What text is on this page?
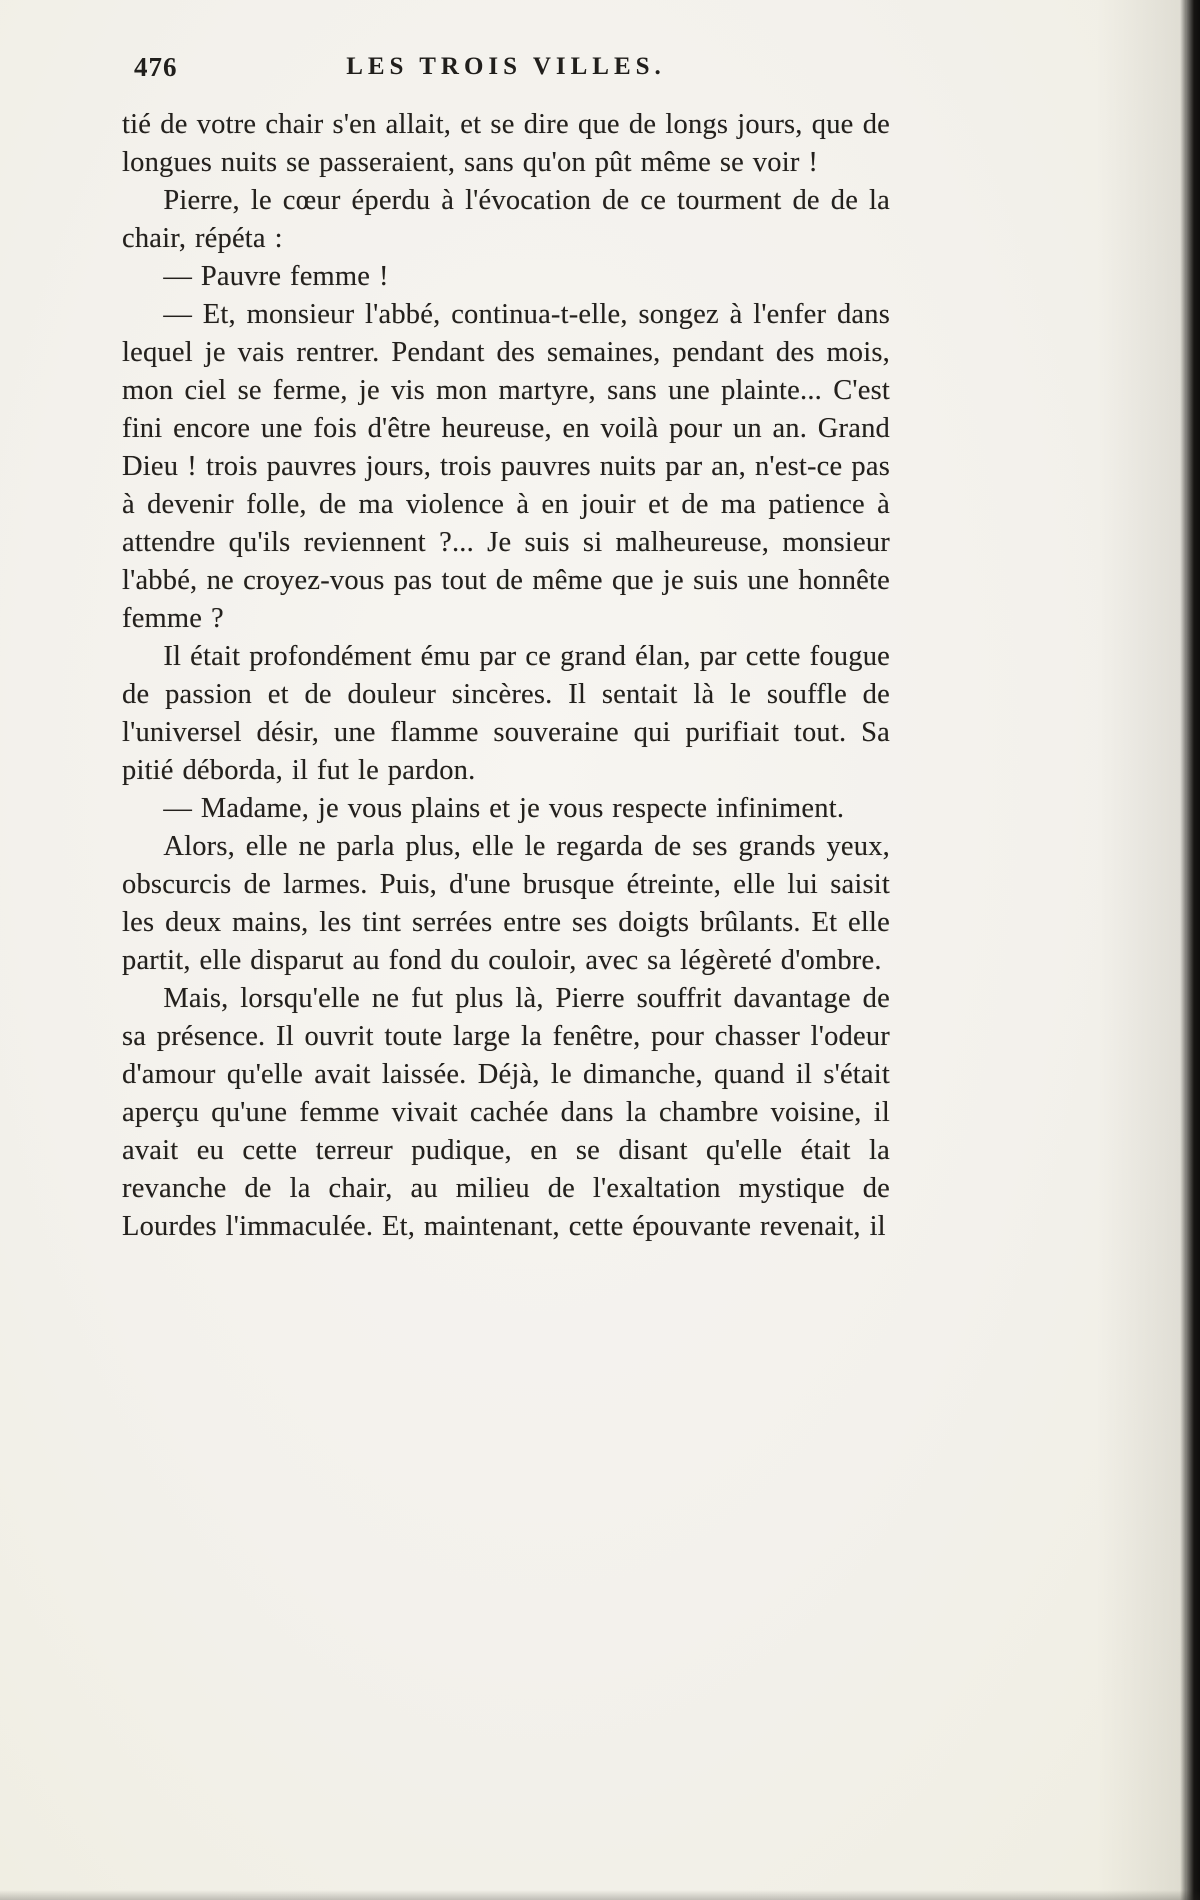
476	LES TROIS VILLES.

tié de votre chair s'en allait, et se dire que de longs jours, que de longues nuits se passeraient, sans qu'on pût même se voir !

Pierre, le cœur éperdu à l'évocation de ce tourment de de la chair, répéta :

— Pauvre femme !

— Et, monsieur l'abbé, continua-t-elle, songez à l'enfer dans lequel je vais rentrer. Pendant des semaines, pendant des mois, mon ciel se ferme, je vis mon martyre, sans une plainte... C'est fini encore une fois d'être heureuse, en voilà pour un an. Grand Dieu ! trois pauvres jours, trois pauvres nuits par an, n'est-ce pas à devenir folle, de ma violence à en jouir et de ma patience à attendre qu'ils reviennent ?... Je suis si malheureuse, monsieur l'abbé, ne croyez-vous pas tout de même que je suis une honnête femme ?

Il était profondément ému par ce grand élan, par cette fougue de passion et de douleur sincères. Il sentait là le souffle de l'universel désir, une flamme souveraine qui purifiait tout. Sa pitié déborda, il fut le pardon.

— Madame, je vous plains et je vous respecte infiniment.

Alors, elle ne parla plus, elle le regarda de ses grands yeux, obscurcis de larmes. Puis, d'une brusque étreinte, elle lui saisit les deux mains, les tint serrées entre ses doigts brûlants. Et elle partit, elle disparut au fond du couloir, avec sa légèreté d'ombre.

Mais, lorsqu'elle ne fut plus là, Pierre souffrit davantage de sa présence. Il ouvrit toute large la fenêtre, pour chasser l'odeur d'amour qu'elle avait laissée. Déjà, le dimanche, quand il s'était aperçu qu'une femme vivait cachée dans la chambre voisine, il avait eu cette terreur pudique, en se disant qu'elle était la revanche de la chair, au milieu de l'exaltation mystique de Lourdes l'immaculée. Et, maintenant, cette épouvante revenait, il
